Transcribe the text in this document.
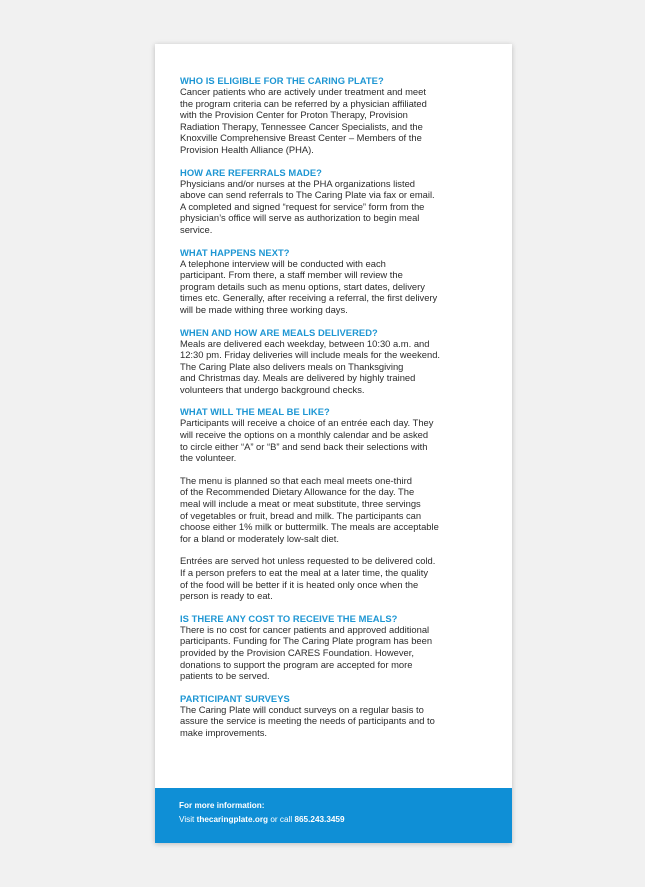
WHO IS ELIGIBLE FOR THE CARING PLATE?

Cancer patients who are actively under treatment and meet
the program criteria can be referred by a physician affiliated
with the Provision Center for Proton Therapy, Provision
Radiation Therapy, Tennessee Cancer Specialists, and the
Knoxville Comprehensive Breast Center – Members of the
Provision Health Alliance (PHA).

HOW ARE REFERRALS MADE?

Physicians and/or nurses at the PHA organizations listed
above can send referrals to The Caring Plate via fax or email.
A completed and signed “request for service” form from the
physician’s office will serve as authorization to begin meal
service.

WHAT HAPPENS NEXT?

A telephone interview will be conducted with each
participant. From there, a staff member will review the
program details such as menu options, start dates, delivery
times etc. Generally, after receiving a referral, the first delivery
will be made withing three working days.

WHEN AND HOW ARE MEALS DELIVERED?

Meals are delivered each weekday, between 10:30 a.m. and
12:30 pm. Friday deliveries will include meals for the weekend.
The Caring Plate also delivers meals on Thanksgiving
and Christmas day. Meals are delivered by highly trained
volunteers that undergo background checks.

WHAT WILL THE MEAL BE LIKE?

Participants will receive a choice of an entrée each day. They
will receive the options on a monthly calendar and be asked
to circle either “A” or “B” and send back their selections with
the volunteer.

The menu is planned so that each meal meets one-third
of the Recommended Dietary Allowance for the day. The
meal will include a meat or meat substitute, three servings
of vegetables or fruit, bread and milk. The participants can
choose either 1% milk or buttermilk. The meals are acceptable
for a bland or moderately low-salt diet.

Entrées are served hot unless requested to be delivered cold.
If a person prefers to eat the meal at a later time, the quality
of the food will be better if it is heated only once when the
person is ready to eat.

IS THERE ANY COST TO RECEIVE THE MEALS?

There is no cost for cancer patients and approved additional
participants. Funding for The Caring Plate program has been
provided by the Provision CARES Foundation. However,
donations to support the program are accepted for more
patients to be served.

PARTICIPANT SURVEYS

The Caring Plate will conduct surveys on a regular basis to
assure the service is meeting the needs of participants and to
make improvements.

For more information:
Visit thecaringplate.org or call 865.243.3459
